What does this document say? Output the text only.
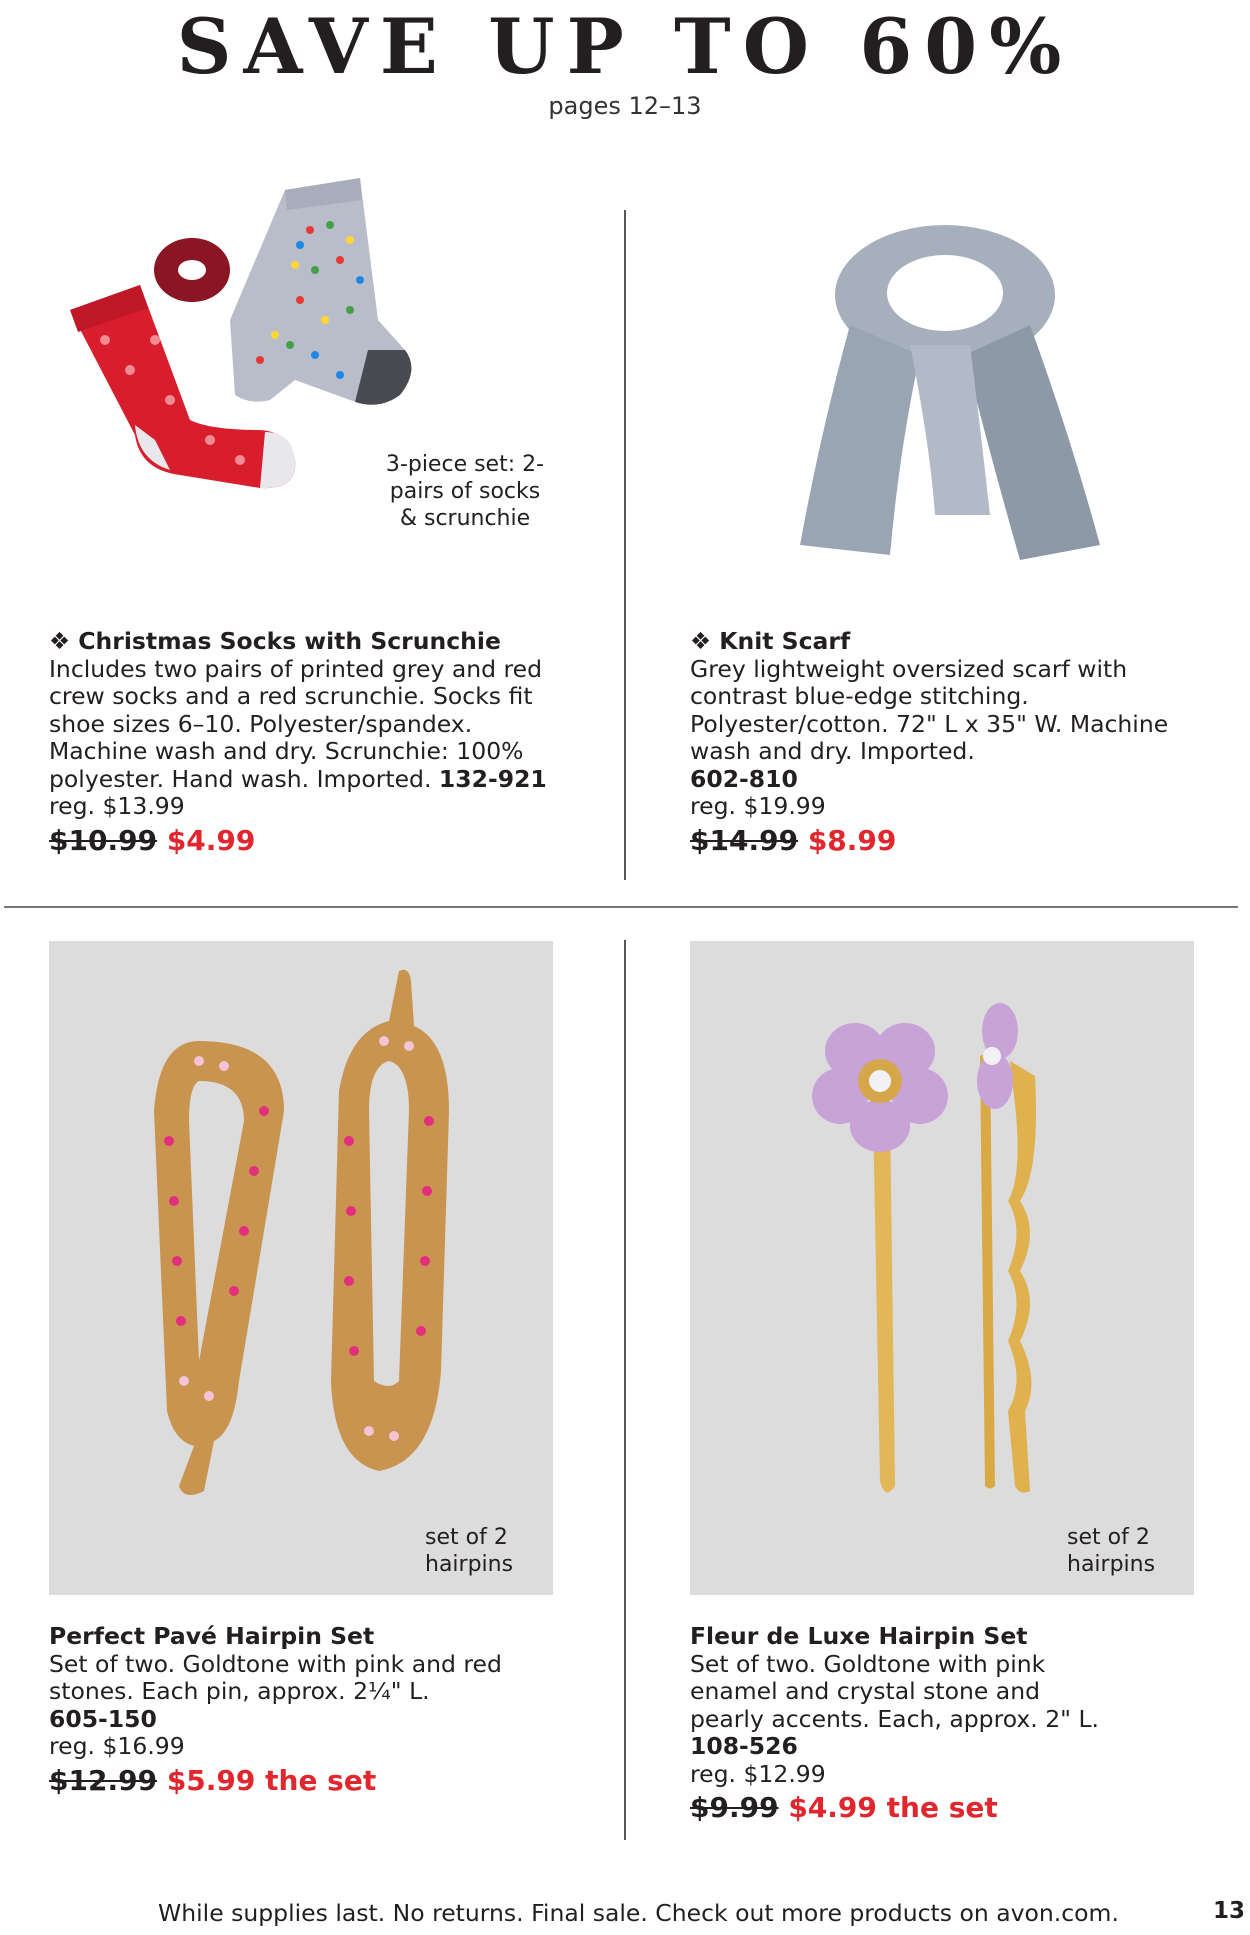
SAVE UP TO 60%
pages 12–13
3-piece set: 2-pairs of socks & scrunchie
❖ Christmas Socks with Scrunchie
Includes two pairs of printed grey and red crew socks and a red scrunchie. Socks fit shoe sizes 6–10. Polyester/spandex. Machine wash and dry. Scrunchie: 100% polyester. Hand wash. Imported. 132-921
reg. $13.99
$10.99 $4.99
❖ Knit Scarf
Grey lightweight oversized scarf with contrast blue-edge stitching. Polyester/cotton. 72" L x 35" W. Machine wash and dry. Imported.
602-810
reg. $19.99
$14.99 $8.99
set of 2 hairpins
set of 2 hairpins
Perfect Pavé Hairpin Set
Set of two. Goldtone with pink and red stones. Each pin, approx. 2¼" L.
605-150
reg. $16.99
$12.99 $5.99 the set
Fleur de Luxe Hairpin Set
Set of two. Goldtone with pink enamel and crystal stone and pearly accents. Each, approx. 2" L.
108-526
reg. $12.99
$9.99 $4.99 the set
While supplies last. No returns. Final sale. Check out more products on avon.com.	13
